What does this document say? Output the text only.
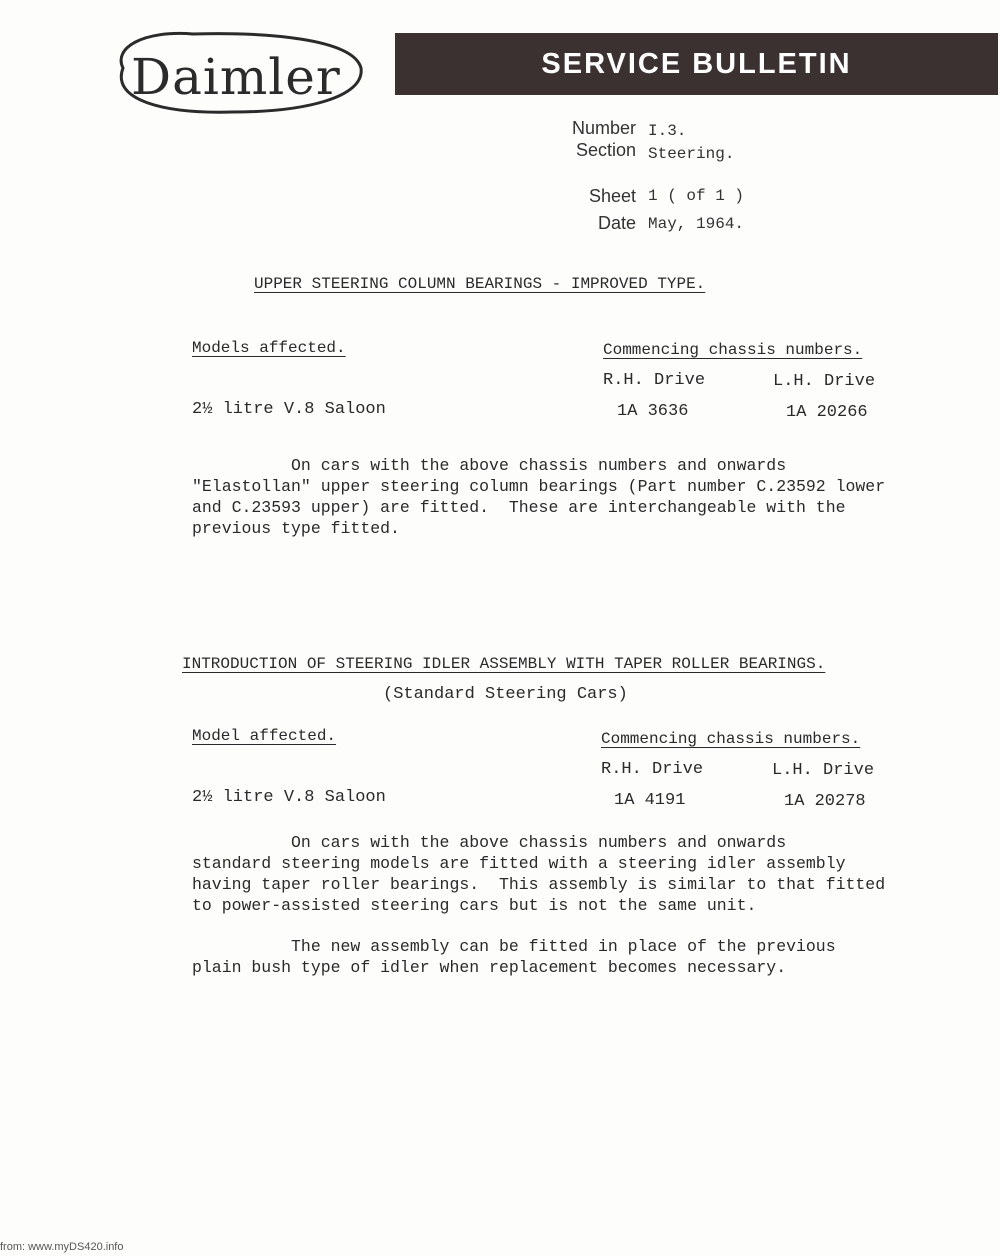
Daimler	SERVICE BULLETIN
Number I.3.
Section Steering.
Sheet 1 ( of 1 )
Date May, 1964.
UPPER STEERING COLUMN BEARINGS - IMPROVED TYPE.
Models affected.	Commencing chassis numbers.
R.H. Drive	L.H. Drive
2½ litre V.8 Saloon	1A 3636	1A 20266
On cars with the above chassis numbers and onwards
"Elastollan" upper steering column bearings (Part number C.23592 lower
and C.23593 upper) are fitted.  These are interchangeable with the
previous type fitted.
INTRODUCTION OF STEERING IDLER ASSEMBLY WITH TAPER ROLLER BEARINGS.
(Standard Steering Cars)
Model affected.	Commencing chassis numbers.
R.H. Drive	L.H. Drive
2½ litre V.8 Saloon	1A 4191	1A 20278
On cars with the above chassis numbers and onwards
standard steering models are fitted with a steering idler assembly
having taper roller bearings.  This assembly is similar to that fitted
to power-assisted steering cars but is not the same unit.
The new assembly can be fitted in place of the previous
plain bush type of idler when replacement becomes necessary.
from: www.myDS420.info
